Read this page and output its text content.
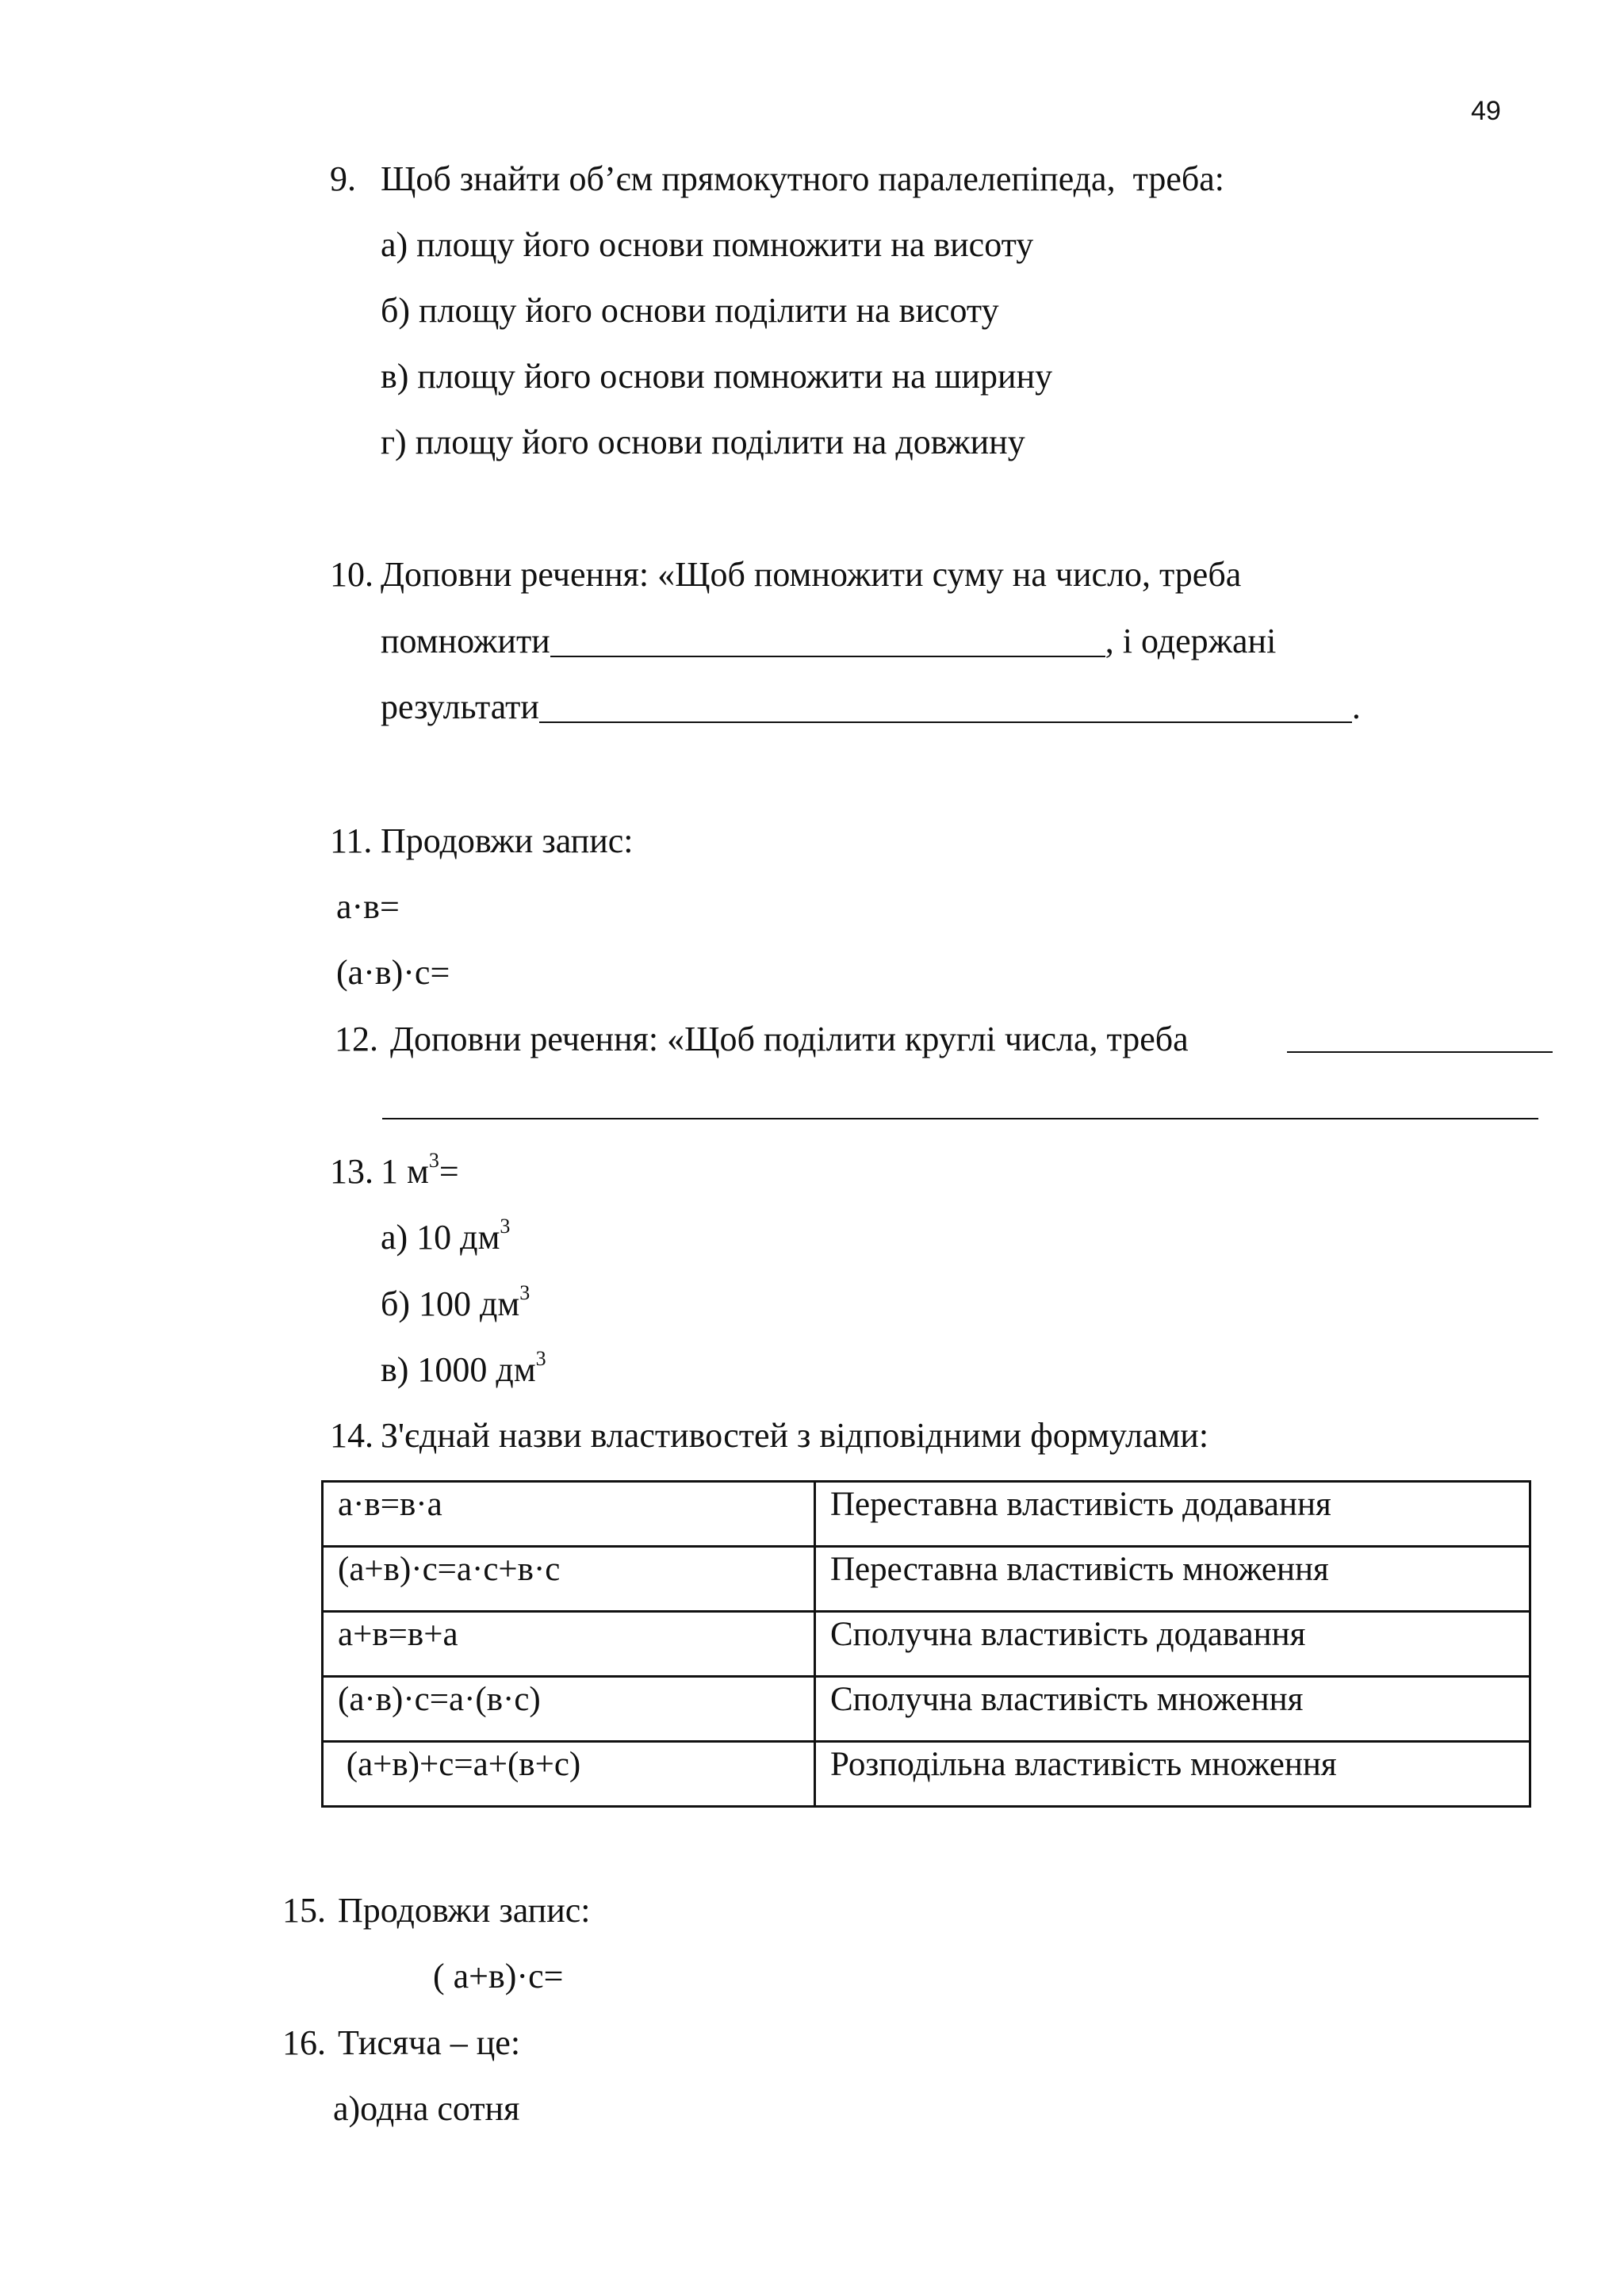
49
9. Щоб знайти об’єм прямокутного паралелепіпеда,  треба:
а) площу його основи помножити на висоту
б) площу його основи поділити на висоту
в) площу його основи помножити на ширину
г) площу його основи поділити на довжину
10. Доповни речення: «Щоб помножити суму на число, треба
помножити	, і одержані
результати	.
11. Продовжи запис:
а·в=
(а·в)·с=
12. Доповни речення: «Щоб поділити круглі числа, треба
13. 1 $м^3=$
а) 10 $дм^3$
б) 100 $дм^3$
в) 1000 $дм^3$
14. З'єднай назви властивостей з відповідними формулами:
а·в=в·а	Переставна властивість додавання
(а+в)·с=а·с+в·с	Переставна властивість множення
а+в=в+а	Сполучна властивість додавання
(а·в)·с=а·(в·с)	Сполучна властивість множення
(а+в)+с=а+(в+с)	Розподільна властивість множення
15. Продовжи запис:
( а+в)·с=
16. Тисяча – це:
а)одна сотня
